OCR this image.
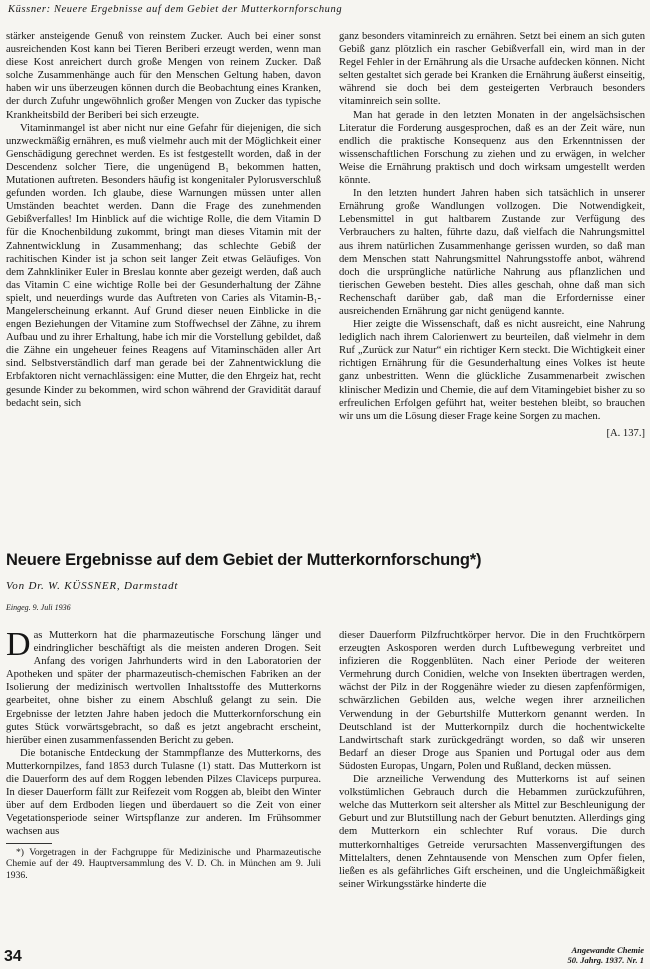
Küssner: Neuere Ergebnisse auf dem Gebiet der Mutterkornforschung

stärker ansteigende Genuß von reinstem Zucker. Auch bei einer sonst ausreichenden Kost kann bei Tieren Beriberi erzeugt werden, wenn man diese Kost anreichert durch große Mengen von reinem Zucker. Daß solche Zusammenhänge auch für den Menschen Geltung haben, davon haben wir uns überzeugen können durch die Beobachtung eines Kranken, der durch Zufuhr ungewöhnlich großer Mengen von Zucker das typische Krankheitsbild der Beriberi bei sich erzeugte.

Vitaminmangel ist aber nicht nur eine Gefahr für diejenigen, die sich unzweckmäßig ernähren, es muß vielmehr auch mit der Möglichkeit einer Genschädigung gerechnet werden. Es ist festgestellt worden, daß in der Descendenz solcher Tiere, die ungenügend B₁ bekommen hatten, Mutationen auftreten. Besonders häufig ist kongenitaler Pylorusverschluß gefunden worden. Ich glaube, diese Warnungen müssen unter allen Umständen beachtet werden. Dann die Frage des zunehmenden Gebißverfalles! Im Hinblick auf die wichtige Rolle, die dem Vitamin D für die Knochenbildung zukommt, bringt man dieses Vitamin mit der Zahnentwicklung in Zusammenhang; das schlechte Gebiß der rachitischen Kinder ist ja schon seit langer Zeit etwas Geläufiges. Von dem Zahnkliniker Euler in Breslau konnte aber gezeigt werden, daß auch das Vitamin C eine wichtige Rolle bei der Gesunderhaltung der Zähne spielt, und neuerdings wurde das Auftreten von Caries als Vitamin-B₁-Mangelerscheinung erkannt. Auf Grund dieser neuen Einblicke in die engen Beziehungen der Vitamine zum Stoffwechsel der Zähne, zu ihrem Aufbau und zu ihrer Erhaltung, habe ich mir die Vorstellung gebildet, daß die Zähne ein ungeheuer feines Reagens auf Vitaminschäden aller Art sind. Selbstverständlich darf man gerade bei der Zahnentwicklung die Erbfaktoren nicht vernachlässigen: eine Mutter, die den Ehrgeiz hat, recht gesunde Kinder zu bekommen, wird schon während der Gravidität darauf bedacht sein, sich

ganz besonders vitaminreich zu ernähren. Setzt bei einem an sich guten Gebiß ganz plötzlich ein rascher Gebißverfall ein, wird man in der Regel Fehler in der Ernährung als die Ursache aufdecken können. Nicht selten gestaltet sich gerade bei Kranken die Ernährung äußerst einseitig, während sie doch bei dem gesteigerten Verbrauch besonders vitaminreich sein sollte.

Man hat gerade in den letzten Monaten in der angelsächsischen Literatur die Forderung ausgesprochen, daß es an der Zeit wäre, nun endlich die praktische Konsequenz aus den Erkenntnissen der wissenschaftlichen Forschung zu ziehen und zu erwägen, in welcher Weise die Ernährung praktisch und doch wirksam umgestellt werden könnte.

In den letzten hundert Jahren haben sich tatsächlich in unserer Ernährung große Wandlungen vollzogen. Die Notwendigkeit, Lebensmittel in gut haltbarem Zustande zur Verfügung des Verbrauchers zu halten, führte dazu, daß vielfach die Nahrungsmittel aus ihrem natürlichen Zusammenhange gerissen wurden, so daß man dem Menschen statt Nahrungsmittel Nahrungsstoffe anbot, während doch die ursprüngliche natürliche Nahrung aus pflanzlichen und tierischen Geweben besteht. Dies alles geschah, ohne daß man sich Rechenschaft darüber gab, daß man die Erfordernisse einer ausreichenden Ernährung gar nicht genügend kannte.

Hier zeigte die Wissenschaft, daß es nicht ausreicht, eine Nahrung lediglich nach ihrem Calorienwert zu beurteilen, daß vielmehr in dem Ruf „Zurück zur Natur“ ein richtiger Kern steckt. Die Wichtigkeit einer richtigen Ernährung für die Gesunderhaltung eines Volkes ist heute ganz unbestritten. Wenn die glückliche Zusammenarbeit zwischen klinischer Medizin und Chemie, die auf dem Vitamingebiet bisher zu so erfreulichen Erfolgen geführt hat, weiter bestehen bleibt, so brauchen wir uns um die Lösung dieser Frage keine Sorgen zu machen.

[A. 137.]
Neuere Ergebnisse auf dem Gebiet der Mutterkornforschung*)
Von Dr. W. KÜSSNER, Darmstadt
Eingeg. 9. Juli 1936

Das Mutterkorn hat die pharmazeutische Forschung länger und eindringlicher beschäftigt als die meisten anderen Drogen. Seit Anfang des vorigen Jahrhunderts wird in den Laboratorien der Apotheken und später der pharmazeutisch-chemischen Fabriken an der Isolierung der medizinisch wertvollen Inhaltsstoffe des Mutterkorns gearbeitet, ohne bisher zu einem Abschluß gelangt zu sein. Die Ergebnisse der letzten Jahre haben jedoch die Mutterkornforschung ein gutes Stück vorwärtsgebracht, so daß es jetzt angebracht erscheint, hierüber einen zusammenfassenden Bericht zu geben.

Die botanische Entdeckung der Stammpflanze des Mutterkorns, des Mutterkornpilzes, fand 1853 durch Tulasne (1) statt. Das Mutterkorn ist die Dauerform des auf dem Roggen lebenden Pilzes Claviceps purpurea. In dieser Dauerform fällt zur Reifezeit vom Roggen ab, bleibt den Winter über auf dem Erdboden liegen und überdauert so die Zeit von einer Vegetationsperiode seiner Wirtspflanze zur anderen. Im Frühsommer wachsen aus

*) Vorgetragen in der Fachgruppe für Medizinische und Pharmazeutische Chemie auf der 49. Hauptversammlung des V. D. Ch. in München am 9. Juli 1936.

dieser Dauerform Pilzfruchtkörper hervor. Die in den Fruchtkörpern erzeugten Askosporen werden durch Luftbewegung verbreitet und infizieren die Roggenblüten. Nach einer Periode der weiteren Vermehrung durch Conidien, welche von Insekten übertragen werden, wächst der Pilz in der Roggenähre wieder zu diesen zapfenförmigen, schwärzlichen Gebilden aus, welche wegen ihrer arzneilichen Verwendung in der Geburtshilfe Mutterkorn genannt werden. In Deutschland ist der Mutterkornpilz durch die hochentwickelte Landwirtschaft stark zurückgedrängt worden, so daß wir unseren Bedarf an dieser Droge aus Spanien und Portugal oder aus dem Südosten Europas, Ungarn, Polen und Rußland, decken müssen.

Die arzneiliche Verwendung des Mutterkorns ist auf seinen volkstümlichen Gebrauch durch die Hebammen zurückzuführen, welche das Mutterkorn seit altersher als Mittel zur Beschleunigung der Geburt und zur Blutstillung nach der Geburt benutzten. Allerdings ging dem Mutterkorn ein schlechter Ruf voraus. Die durch mutterkornhaltiges Getreide verursachten Massenvergiftungen des Mittelalters, denen Zehntausende von Menschen zum Opfer fielen, ließen es als gefährliches Gift erscheinen, und die Ungleichmäßigkeit seiner Wirkungsstärke hinderte die

34	Angewandte Chemie
50. Jahrg. 1937. Nr. 1
